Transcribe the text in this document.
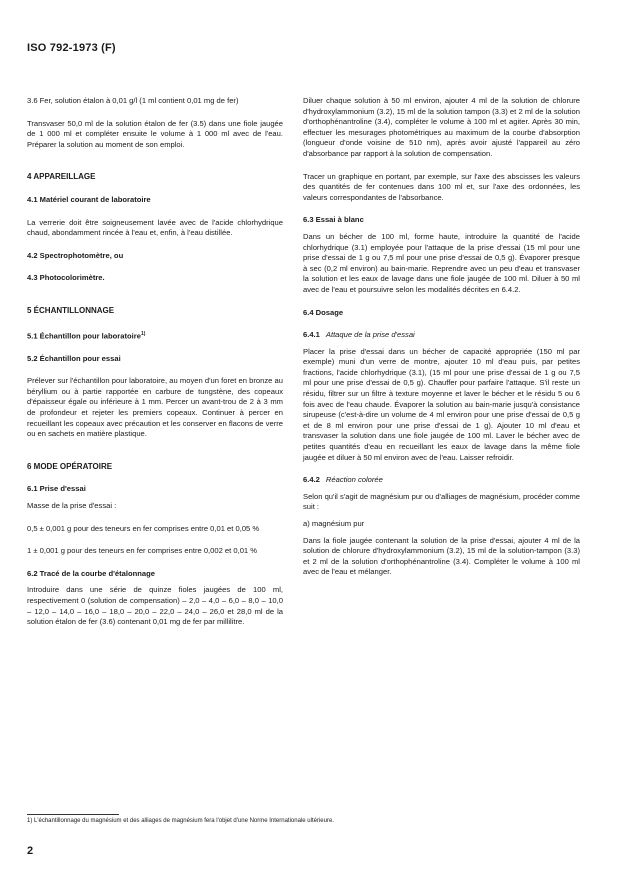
ISO 792-1973 (F)

3.6 Fer, solution étalon à 0,01 g/l (1 ml contient 0,01 mg de fer)

Transvaser 50,0 ml de la solution étalon de fer (3.5) dans une fiole jaugée de 1 000 ml et compléter ensuite le volume à 1 000 ml avec de l'eau. Préparer la solution au moment de son emploi.

4 APPAREILLAGE

4.1 Matériel courant de laboratoire

La verrerie doit être soigneusement lavée avec de l'acide chlorhydrique chaud, abondamment rincée à l'eau et, enfin, à l'eau distillée.

4.2 Spectrophotomètre, ou

4.3 Photocolorimètre.

5 ÉCHANTILLONNAGE

5.1 Échantillon pour laboratoire$^{1)}$

5.2 Échantillon pour essai

Prélever sur l'échantillon pour laboratoire, au moyen d'un foret en bronze au béryllium ou à partie rapportée en carbure de tungstène, des copeaux d'épaisseur égale ou inférieure à 1 mm. Percer un avant-trou de 2 à 3 mm de profondeur et rejeter les premiers copeaux. Continuer à percer en recueillant les copeaux avec précaution et les conserver en flacons de verre ou en sachets en matière plastique.

6 MODE OPÉRATOIRE

6.1 Prise d'essai

Masse de la prise d'essai :

0,5 ± 0,001 g pour des teneurs en fer comprises entre 0,01 et 0,05 %

1 ± 0,001 g pour des teneurs en fer comprises entre 0,002 et 0,01 %

6.2 Tracé de la courbe d'étalonnage

Introduire dans une série de quinze fioles jaugées de 100 ml, respectivement 0 (solution de compensation) – 2,0 – 4,0 – 6,0 – 8,0 – 10,0 – 12,0 – 14,0 – 16,0 – 18,0 – 20,0 – 22,0 – 24,0 – 26,0 et 28,0 ml de la solution étalon de fer (3.6) contenant 0,01 mg de fer par millilitre.

Diluer chaque solution à 50 ml environ, ajouter 4 ml de la solution de chlorure d'hydroxylammonium (3.2), 15 ml de la solution tampon (3.3) et 2 ml de la solution d'orthophénantroline (3.4), compléter le volume à 100 ml et agiter. Après 30 min, effectuer les mesurages photométriques au maximum de la courbe d'absorption (longueur d'onde voisine de 510 nm), après avoir ajusté l'appareil au zéro d'absorbance par rapport à la solution de compensation.

Tracer un graphique en portant, par exemple, sur l'axe des abscisses les valeurs des quantités de fer contenues dans 100 ml et, sur l'axe des ordonnées, les valeurs correspondantes de l'absorbance.

6.3 Essai à blanc

Dans un bécher de 100 ml, forme haute, introduire la quantité de l'acide chlorhydrique (3.1) employée pour l'attaque de la prise d'essai (15 ml pour une prise d'essai de 1 g ou 7,5 ml pour une prise d'essai de 0,5 g). Évaporer presque à sec (0,2 ml environ) au bain-marie. Reprendre avec un peu d'eau et transvaser la solution et les eaux de lavage dans une fiole jaugée de 100 ml. Diluer à 50 ml avec de l'eau et poursuivre selon les modalités décrites en 6.4.2.

6.4 Dosage

6.4.1 Attaque de la prise d'essai

Placer la prise d'essai dans un bécher de capacité appropriée (150 ml par exemple) muni d'un verre de montre, ajouter 10 ml d'eau puis, par petites fractions, l'acide chlorhydrique (3.1), (15 ml pour une prise d'essai de 1 g ou 7,5 ml pour une prise d'essai de 0,5 g). Chauffer pour parfaire l'attaque. S'il reste un résidu, filtrer sur un filtre à texture moyenne et laver le bécher et le résidu 5 ou 6 fois avec de l'eau chaude. Évaporer la solution au bain-marie jusqu'à consistance sirupeuse (c'est-à-dire un volume de 4 ml environ pour une prise d'essai de 0,5 g et de 8 ml environ pour une prise d'essai de 1 g). Ajouter 10 ml d'eau et transvaser la solution dans une fiole jaugée de 100 ml. Laver le bécher avec de petites quantités d'eau en recueillant les eaux de lavage dans la même fiole jaugée et diluer à 50 ml environ avec de l'eau. Laisser refroidir.

6.4.2 Réaction colorée

Selon qu'il s'agit de magnésium pur ou d'alliages de magnésium, procéder comme suit :

a) magnésium pur

Dans la fiole jaugée contenant la solution de la prise d'essai, ajouter 4 ml de la solution de chlorure d'hydroxylammonium (3.2), 15 ml de la solution-tampon (3.3) et 2 ml de la solution d'orthophénantroline (3.4). Compléter le volume à 100 ml avec de l'eau et mélanger.

1) L'échantillonnage du magnésium et des alliages de magnésium fera l'objet d'une Norme Internationale ultérieure.
2
